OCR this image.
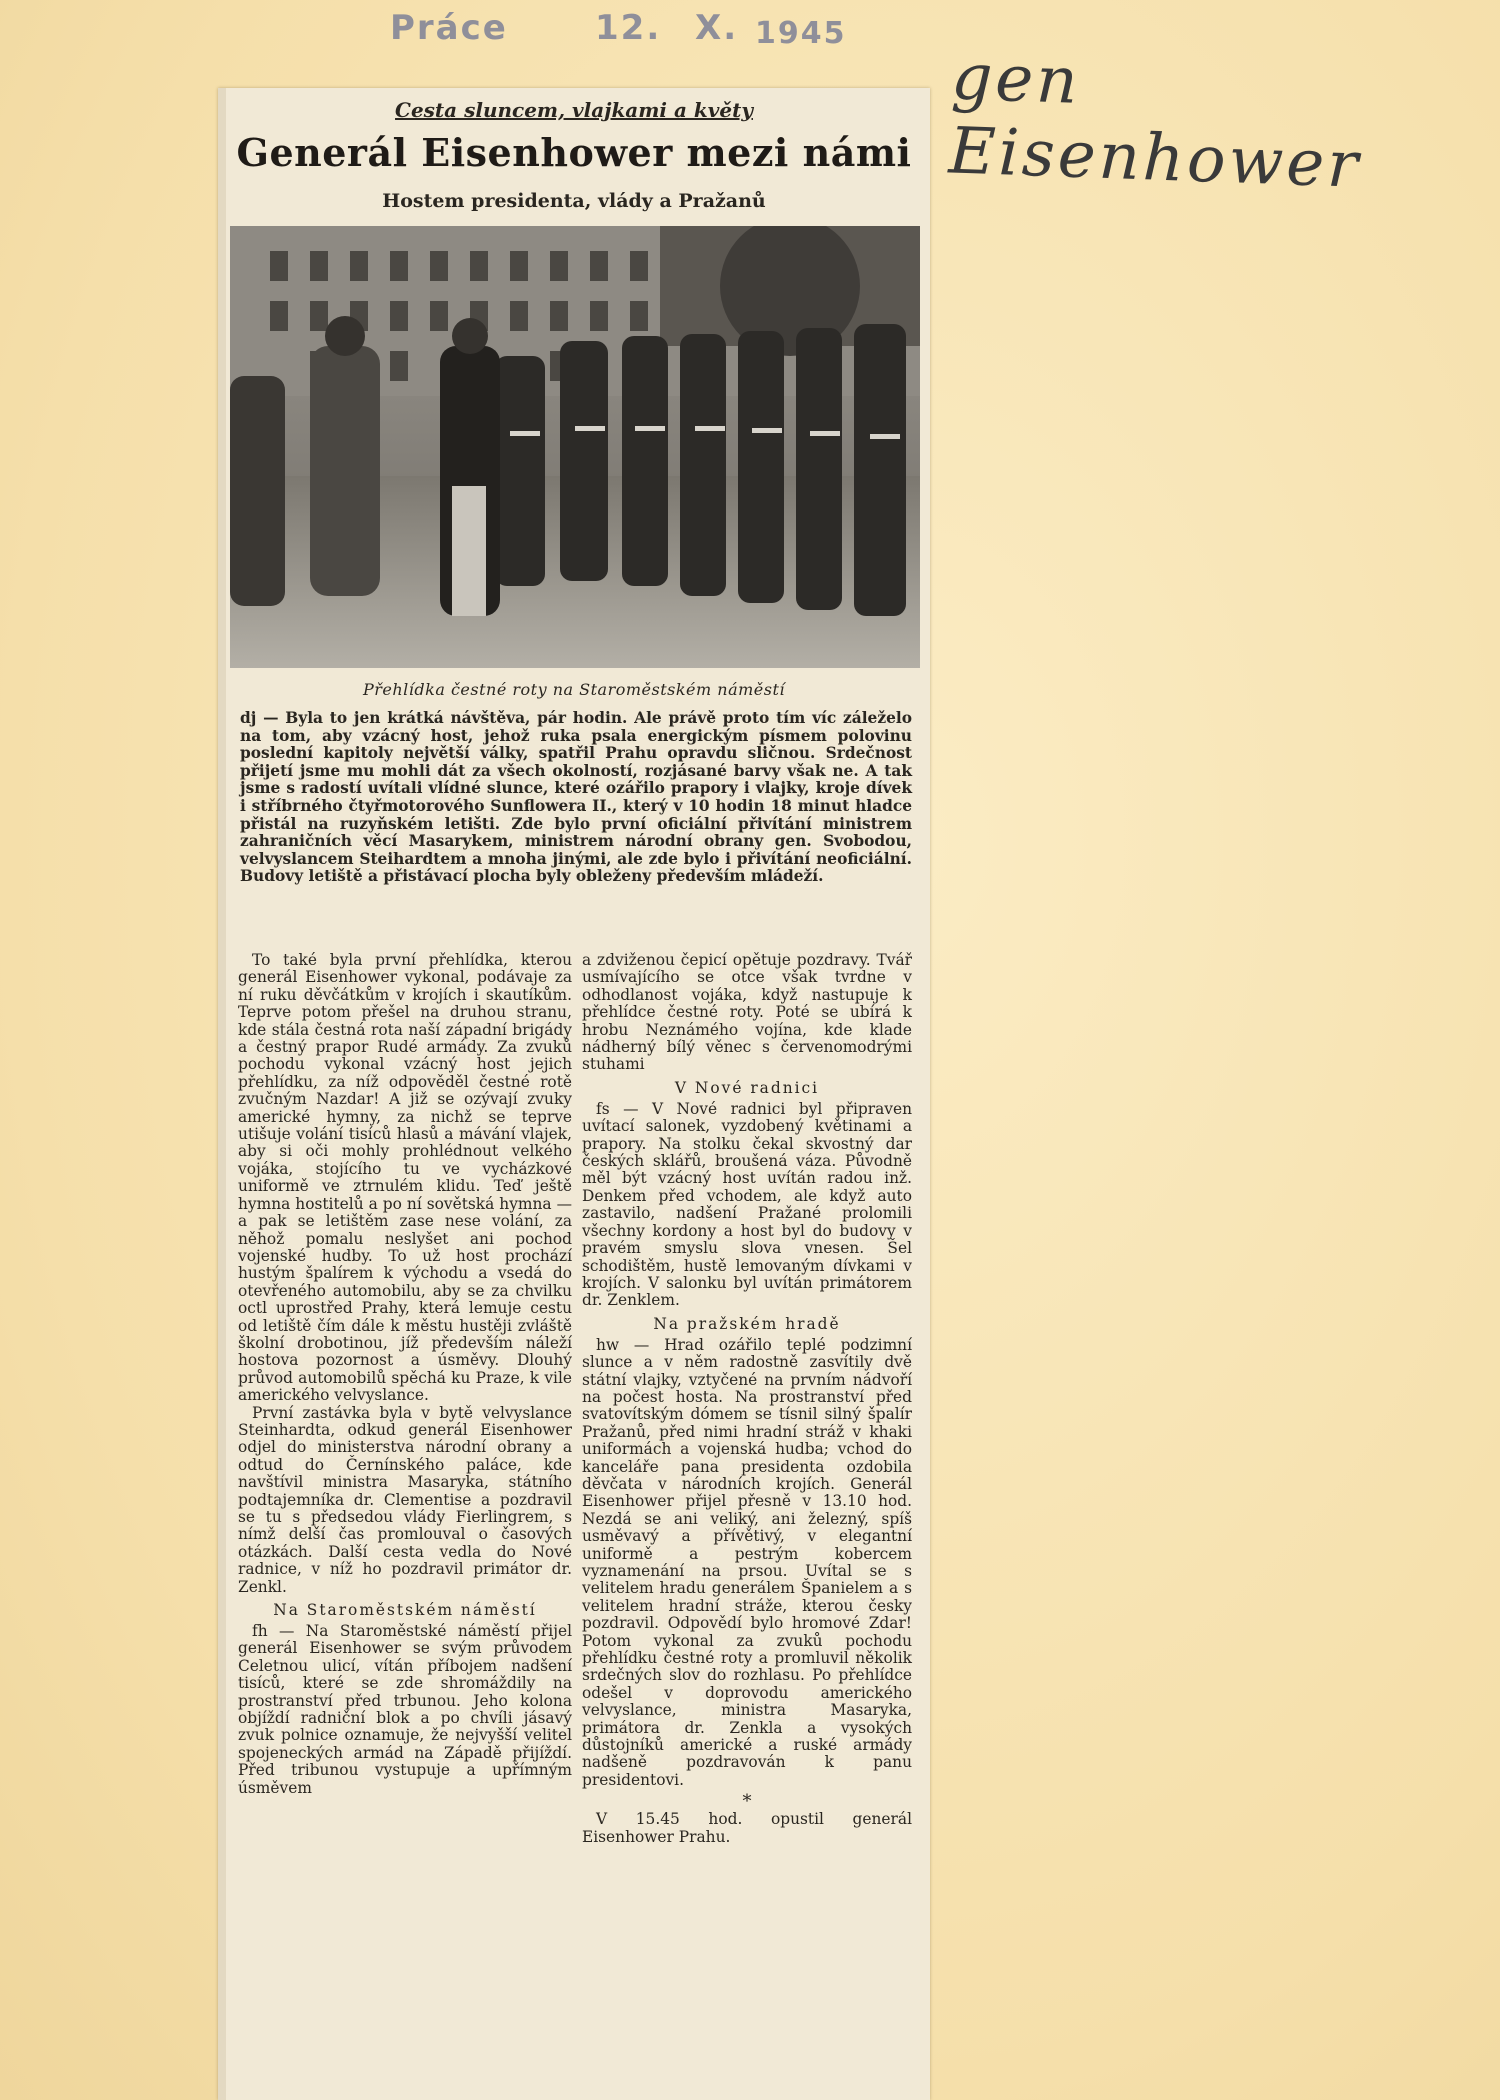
Práce	12. X. 1945
gen Eisenhower
Cesta sluncem, vlajkami a květy
Generál Eisenhower mezi námi
Hostem presidenta, vlády a Pražanů
Přehlídka čestné roty na Staroměstském náměstí
dj — Byla to jen krátká návštěva, pár hodin. Ale právě proto tím víc záleželo na tom, aby vzácný host, jehož ruka psala energickým písmem polovinu poslední kapitoly největší války, spatřil Prahu opravdu sličnou. Srdečnost přijetí jsme mu mohli dát za všech okolností, rozjásané barvy však ne. A tak jsme s radostí uvítali vlídné slunce, které ozářilo prapory i vlajky, kroje dívek i stříbrného čtyřmotorového Sunflowera II., který v 10 hodin 18 minut hladce přistál na ruzyňském letišti. Zde bylo první oficiální přivítání ministrem zahraničních věcí Masarykem, ministrem národní obrany gen. Svobodou, velvyslancem Steihardtem a mnoha jinými, ale zde bylo i přivítání neoficiální. Budovy letiště a přistávací plocha byly obleženy především mládeží.

To také byla první přehlídka, kterou generál Eisenhower vykonal, podávaje za ní ruku děvčátkům v krojích i skautíkům. Teprve potom přešel na druhou stranu, kde stála čestná rota naší západní brigády a čestný prapor Rudé armády. Za zvuků pochodu vykonal vzácný host jejich přehlídku, za níž odpověděl čestné rotě zvučným Nazdar! A již se ozývají zvuky americké hymny, za nichž se teprve utišuje volání tisíců hlasů a mávání vlajek, aby si oči mohly prohlédnout velkého vojáka, stojícího tu ve vycházkové uniformě ve ztrnulém klidu. Teď ještě hymna hostitelů a po ní sovětská hymna — a pak se letištěm zase nese volání, za něhož pomalu neslyšet ani pochod vojenské hudby. To už host prochází hustým špalírem k východu a vsedá do otevřeného automobilu, aby se za chvilku octl uprostřed Prahy, která lemuje cestu od letiště čím dále k městu hustěji zvláště školní drobotinou, jíž především náleží hostova pozornost a úsměvy. Dlouhý průvod automobilů spěchá ku Praze, k vile amerického velvyslance.

První zastávka byla v bytě velvyslance Steinhardta, odkud generál Eisenhower odjel do ministerstva národní obrany a odtud do Černínského paláce, kde navštívil ministra Masaryka, státního podtajemníka dr. Clementise a pozdravil se tu s předsedou vlády Fierlingrem, s nímž delší čas promlouval o časových otázkách. Další cesta vedla do Nové radnice, v níž ho pozdravil primátor dr. Zenkl.

Na Staroměstském náměstí

fh — Na Staroměstské náměstí přijel generál Eisenhower se svým průvodem Celetnou ulicí, vítán příbojem nadšení tisíců, které se zde shromáždily na prostranství před trbunou. Jeho kolona objíždí radniční blok a po chvíli jásavý zvuk polnice oznamuje, že nejvyšší velitel spojeneckých armád na Západě přijíždí. Před tribunou vystupuje a upřímným úsměvem

a zdviženou čepicí opětuje pozdravy. Tvář usmívajícího se otce však tvrdne v odhodlanost vojáka, když nastupuje k přehlídce čestné roty. Poté se ubírá k hrobu Neznámého vojína, kde klade nádherný bílý věnec s červenomodrými stuhami

V Nové radnici

fs — V Nové radnici byl připraven uvítací salonek, vyzdobený květinami a prapory. Na stolku čekal skvostný dar českých sklářů, broušená váza. Původně měl být vzácný host uvítán radou inž. Denkem před vchodem, ale když auto zastavilo, nadšení Pražané prolomili všechny kordony a host byl do budovy v pravém smyslu slova vnesen. Šel schodištěm, hustě lemovaným dívkami v krojích. V salonku byl uvítán primátorem dr. Zenklem.

Na pražském hradě

hw — Hrad ozářilo teplé podzimní slunce a v něm radostně zasvítily dvě státní vlajky, vztyčené na prvním nádvoří na počest hosta. Na prostranství před svatovítským dómem se tísnil silný špalír Pražanů, před nimi hradní stráž v khaki uniformách a vojenská hudba; vchod do kanceláře pana presidenta ozdobila děvčata v národních krojích. Generál Eisenhower přijel přesně v 13.10 hod. Nezdá se ani veliký, ani železný, spíš usměvavý a přívětivý, v elegantní uniformě a pestrým kobercem vyznamenání na prsou. Uvítal se s velitelem hradu generálem Španielem a s velitelem hradní stráže, kterou česky pozdravil. Odpovědí bylo hromové Zdar! Potom vykonal za zvuků pochodu přehlídku čestné roty a promluvil několik srdečných slov do rozhlasu. Po přehlídce odešel v doprovodu amerického velvyslance, ministra Masaryka, primátora dr. Zenkla a vysokých důstojníků americké a ruské armády nadšeně pozdravován k panu presidentovi.

*

V 15.45 hod. opustil generál Eisenhower Prahu.
